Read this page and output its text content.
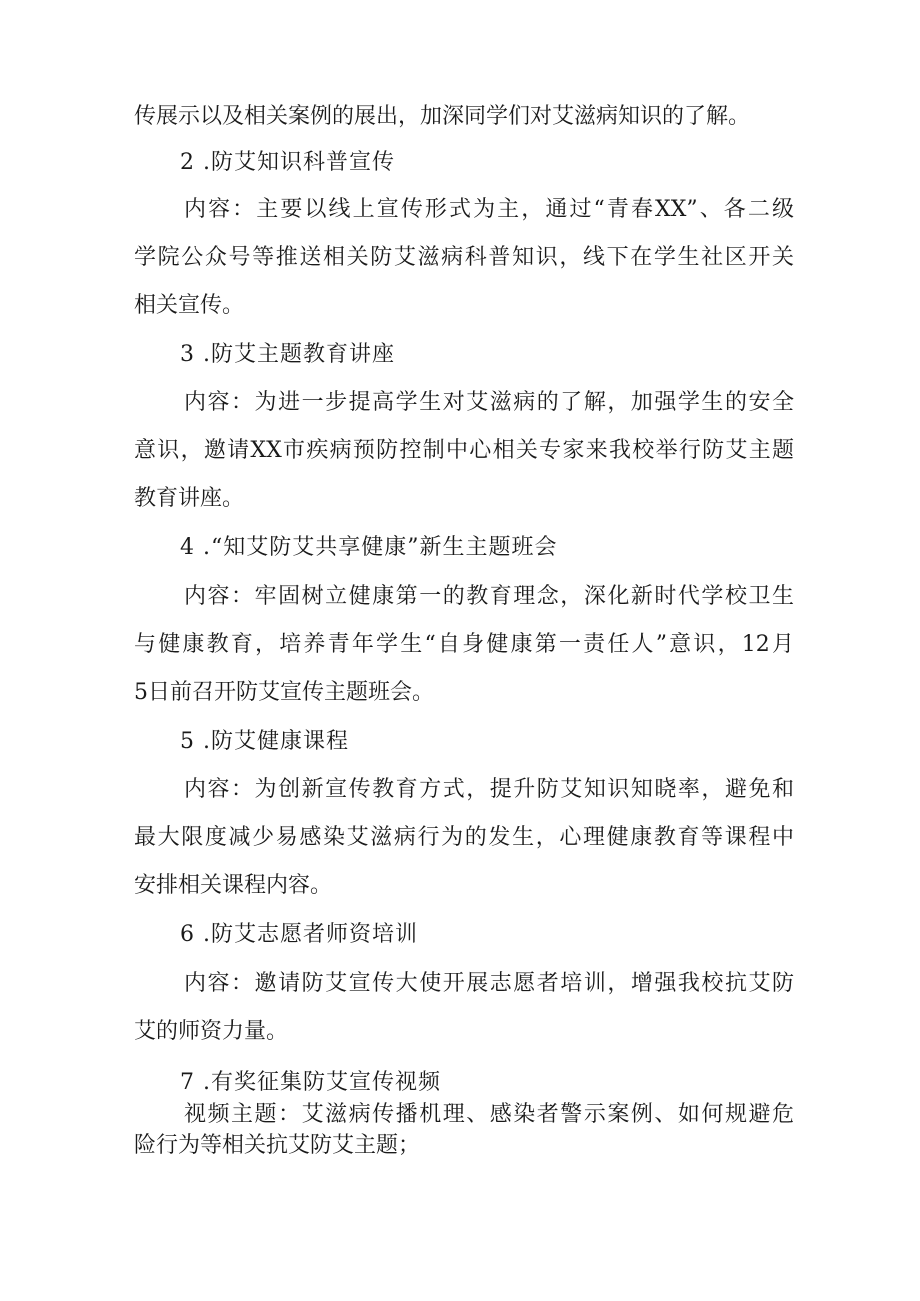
传展示以及相关案例的展出，加深同学们对艾滋病知识的了解。
2 .防艾知识科普宣传
内容：主要以线上宣传形式为主，通过“青春XX”、各二级
学院公众号等推送相关防艾滋病科普知识，线下在学生社区开关
相关宣传。
3 .防艾主题教育讲座
内容：为进一步提高学生对艾滋病的了解，加强学生的安全
意识，邀请XX市疾病预防控制中心相关专家来我校举行防艾主题
教育讲座。
4 .“知艾防艾共享健康”新生主题班会
内容：牢固树立健康第一的教育理念，深化新时代学校卫生
与健康教育，培养青年学生“自身健康第一责任人”意识，12月
5日前召开防艾宣传主题班会。
5 .防艾健康课程
内容：为创新宣传教育方式，提升防艾知识知晓率，避免和
最大限度减少易感染艾滋病行为的发生，心理健康教育等课程中
安排相关课程内容。
6 .防艾志愿者师资培训
内容：邀请防艾宣传大使开展志愿者培训，增强我校抗艾防
艾的师资力量。
7 .有奖征集防艾宣传视频
视频主题：艾滋病传播机理、感染者警示案例、如何规避危
险行为等相关抗艾防艾主题；
